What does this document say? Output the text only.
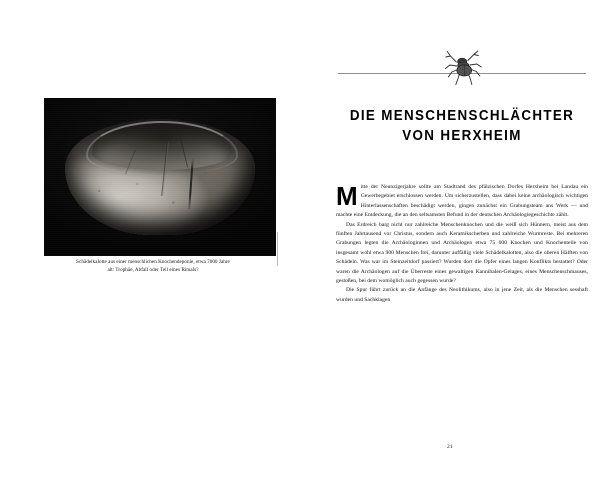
Schädelkalotte aus einer menschlichen Knochendeponie, etwa 7000 Jahre
alt: Trophäe, Abfall oder Teil eines Rituals?
DIE MENSCHENSCHLÄCHTER
VON HERXHEIM

Mitte der Neunzigerjahre sollte am Stadtrand des pfälzischen Dorfes Herxheim bei Landau ein Gewerbegebiet erschlossen werden. Um sicherzustellen, dass dabei keine archäologisch wichtigen Hinterlassenschaften beschädigt werden, gingen zunächst ein Grabungsteam ans Werk — und machte eine Entdeckung, die an den seltsamsten Befund in der deutschen Archäologiegeschichte zählt.

Das Erdreich barg nicht nur zahlreiche Menschenknochen und die weiß sich Hünnern, meist aus dem fünften Jahrtausend vor Christus, sondern auch Keramikscherben und zahlreiche Wurmreste. Bei mehreren Grabungen legten die Archäologinnen und Archäologen etwa 75 000 Knochen und Knochenteile von insgesamt wohl etwa 900 Menschen frei, darunter auffällig viele Schädelkalotten, also die oberen Hälften von Schädeln. Was war im Steinzeitdorf passiert? Wurden dort die Opfer eines langen Konflikts bestattet? Oder waren die Archäologen auf die Überreste eines gewaltigen Kannibalen-Gelages, eines Menschenschmauses, gestoßen, bei dem womöglich auch gegessen wurde?

Die Spur führt zurück an die Anfänge des Neolithikums, also in jene Zeit, als die Menschen sesshaft wurden und Sachklagen

21
